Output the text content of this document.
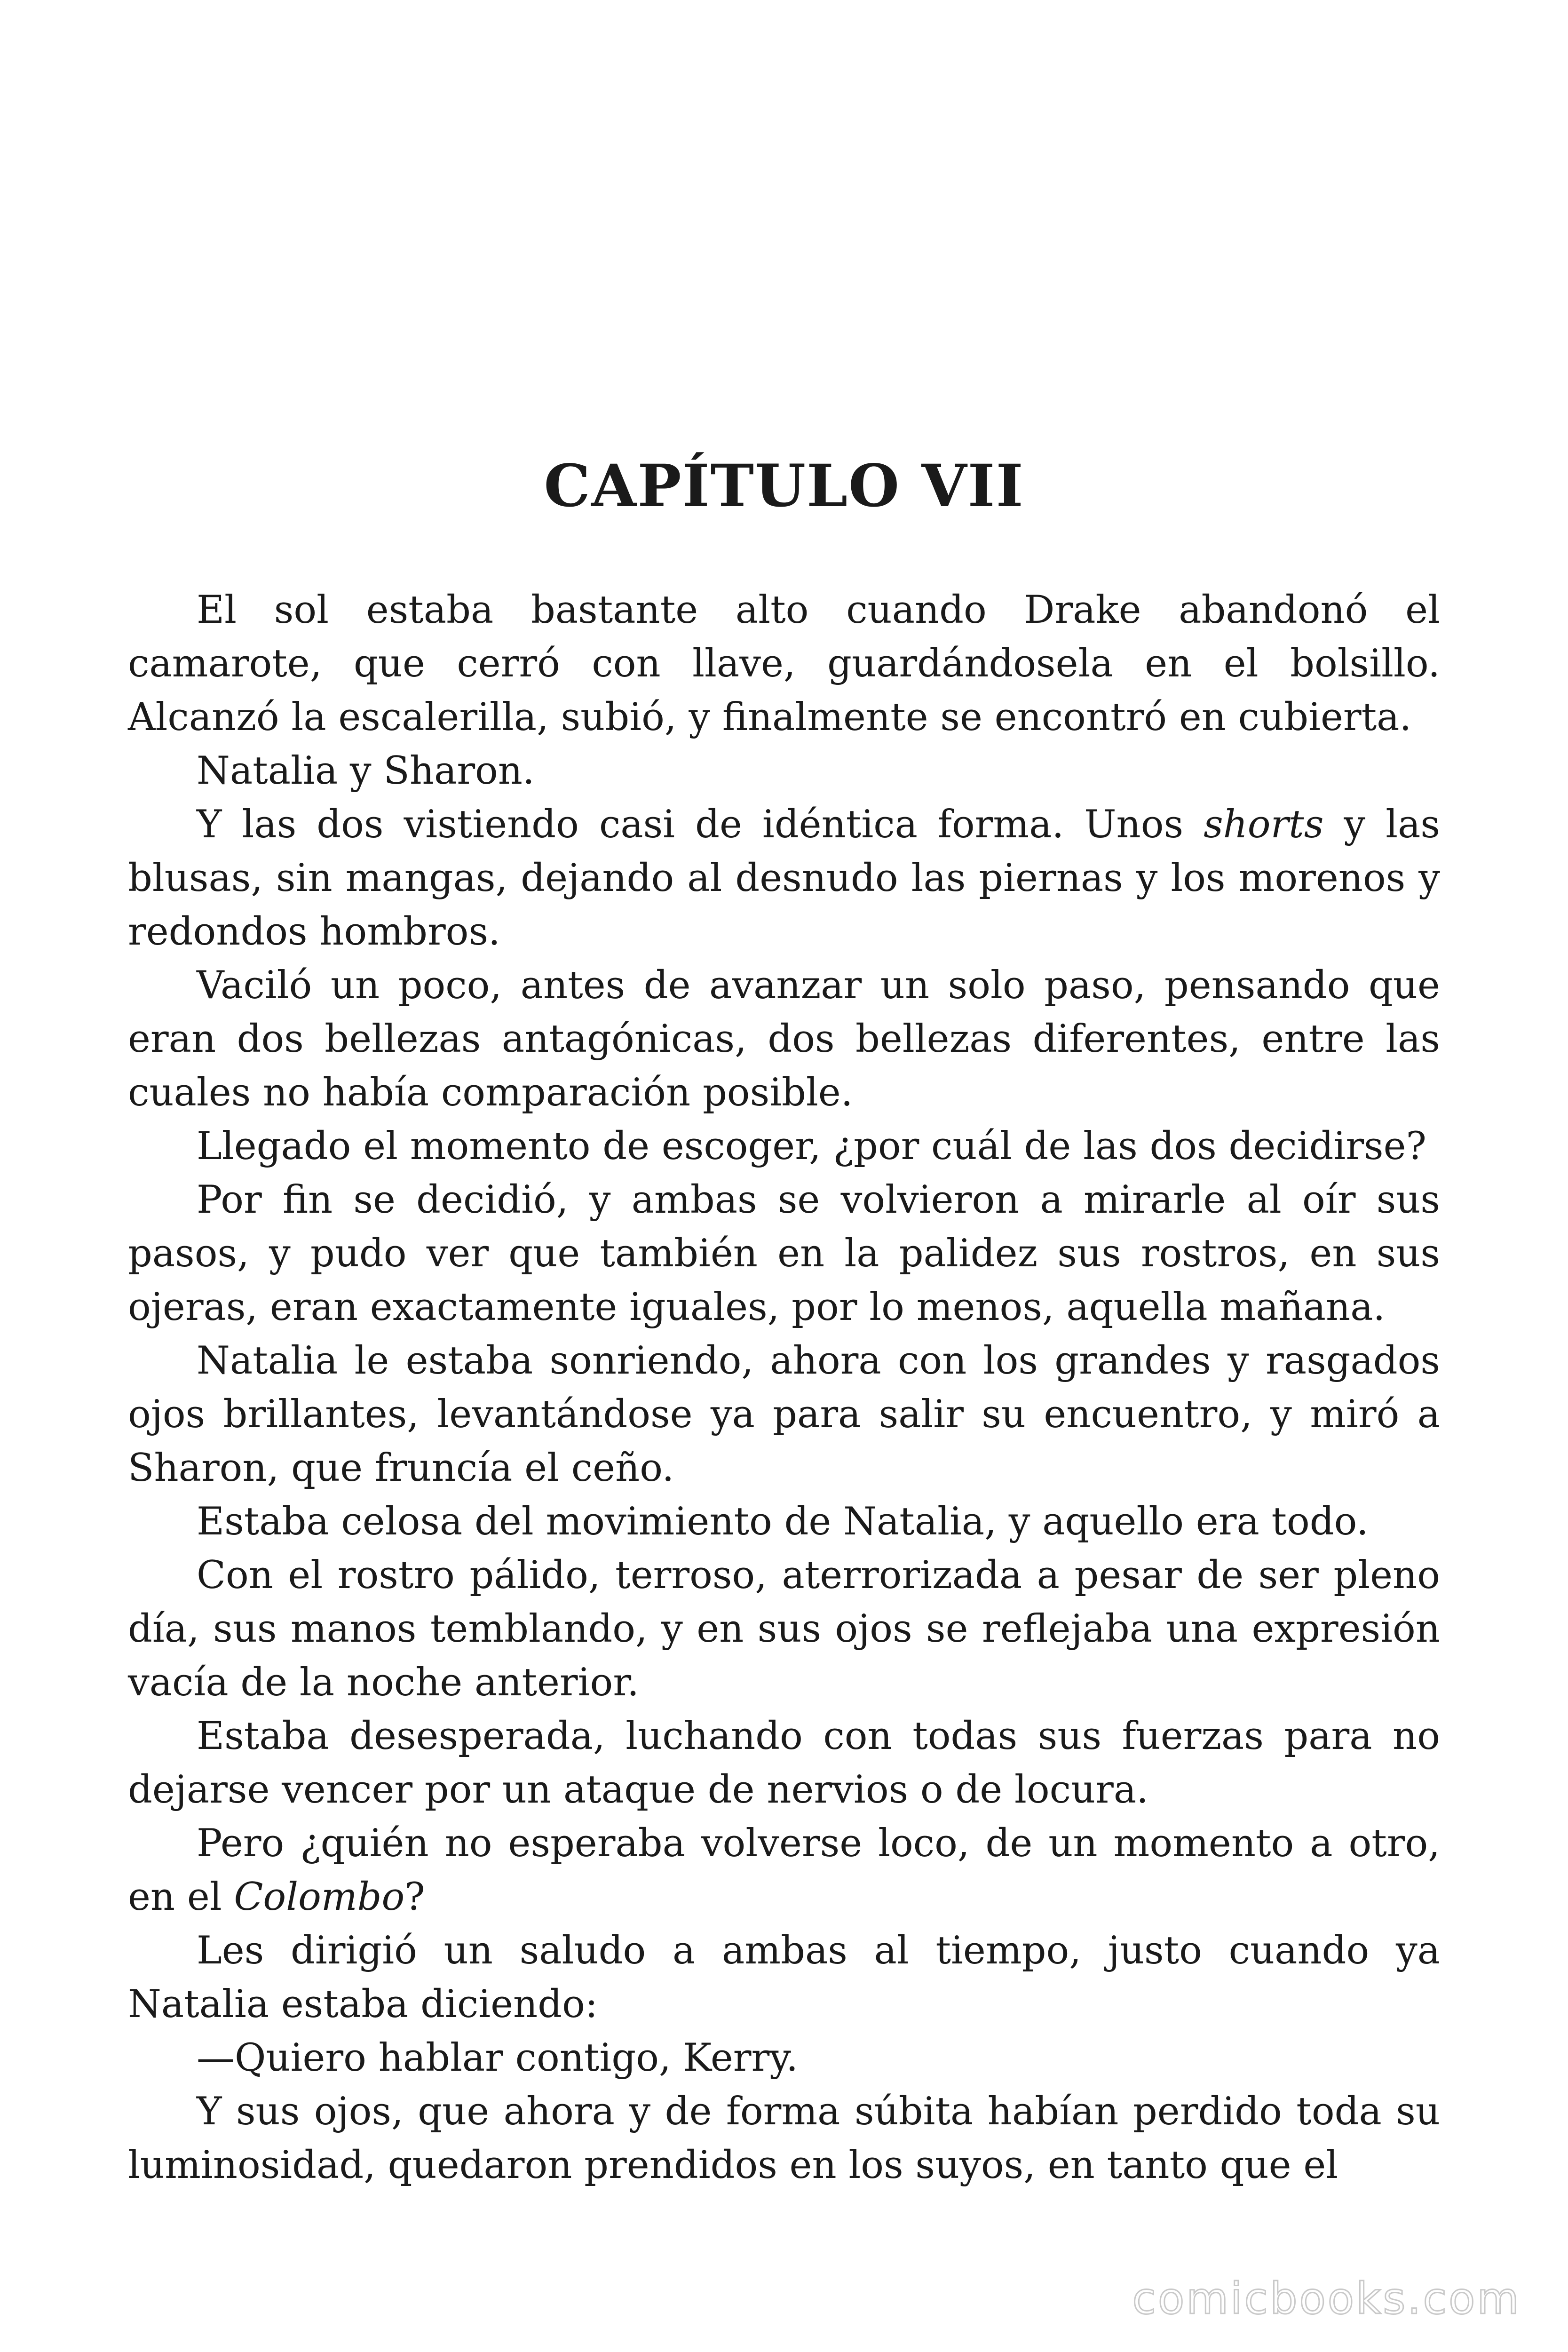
CAPÍTULO VII

El sol estaba bastante alto cuando Drake abandonó el camarote, que cerró con llave, guardándosela en el bolsillo. Alcanzó la escalerilla, subió, y finalmente se encontró en cubierta.

Natalia y Sharon.

Y las dos vistiendo casi de idéntica forma. Unos shorts y las blusas, sin mangas, dejando al desnudo las piernas y los morenos y redondos hombros.

Vaciló un poco, antes de avanzar un solo paso, pensando que eran dos bellezas antagónicas, dos bellezas diferentes, entre las cuales no había comparación posible.

Llegado el momento de escoger, ¿por cuál de las dos decidirse?

Por fin se decidió, y ambas se volvieron a mirarle al oír sus pasos, y pudo ver que también en la palidez sus rostros, en sus ojeras, eran exactamente iguales, por lo menos, aquella mañana.

Natalia le estaba sonriendo, ahora con los grandes y rasgados ojos brillantes, levantándose ya para salir su encuentro, y miró a Sharon, que fruncía el ceño.

Estaba celosa del movimiento de Natalia, y aquello era todo.

Con el rostro pálido, terroso, aterrorizada a pesar de ser pleno día, sus manos temblando, y en sus ojos se reflejaba una expresión vacía de la noche anterior.

Estaba desesperada, luchando con todas sus fuerzas para no dejarse vencer por un ataque de nervios o de locura.

Pero ¿quién no esperaba volverse loco, de un momento a otro, en el Colombo?

Les dirigió un saludo a ambas al tiempo, justo cuando ya Natalia estaba diciendo:

—Quiero hablar contigo, Kerry.

Y sus ojos, que ahora y de forma súbita habían perdido toda su luminosidad, quedaron prendidos en los suyos, en tanto que el

comicbooks.com
